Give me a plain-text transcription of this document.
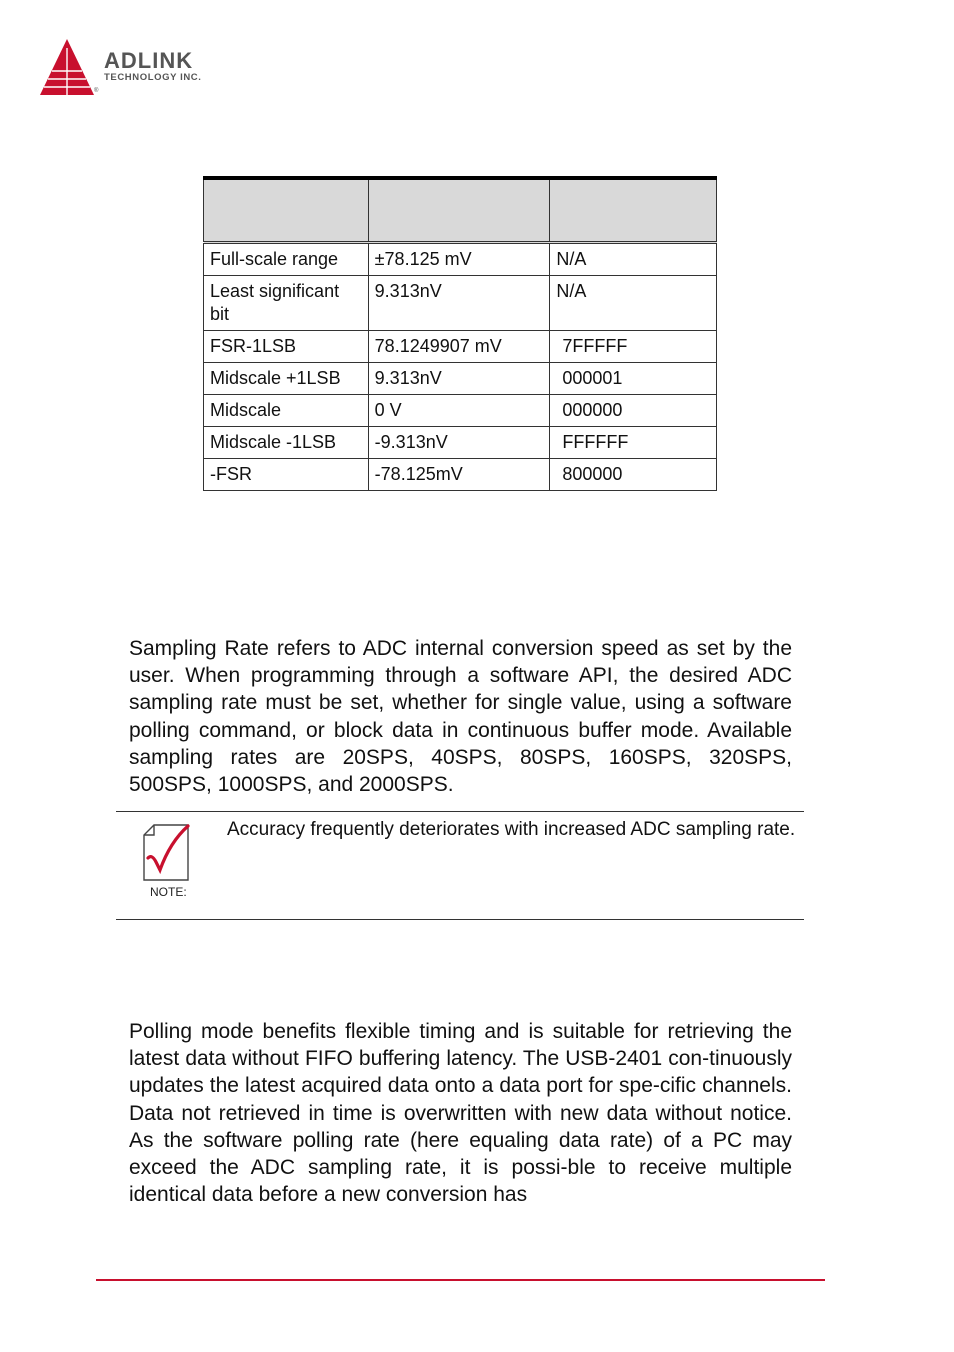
ADLINK
TECHNOLOGY INC.
®

Full-scale range	±78.125 mV	N/A
Least significant bit	9.313nV	N/A
FSR-1LSB	78.1249907 mV	7FFFFF
Midscale +1LSB	9.313nV	000001
Midscale	0 V	000000
Midscale -1LSB	-9.313nV	FFFFFF
-FSR	-78.125mV	800000

Sampling Rate refers to ADC internal conversion speed as set by the user. When programming through a software API, the desired ADC sampling rate must be set, whether for single value, using a software polling command, or block data in continuous buffer mode. Available sampling rates are 20SPS, 40SPS, 80SPS, 160SPS, 320SPS, 500SPS, 1000SPS, and 2000SPS.

NOTE:

Accuracy frequently deteriorates with increased ADC sampling rate.

Polling mode benefits flexible timing and is suitable for retrieving the latest data without FIFO buffering latency. The USB-2401 con-tinuously updates the latest acquired data onto a data port for spe-cific channels. Data not retrieved in time is overwritten with new data without notice. As the software polling rate (here equaling data rate) of a PC may exceed the ADC sampling rate, it is possi-ble to receive multiple identical data before a new conversion has
